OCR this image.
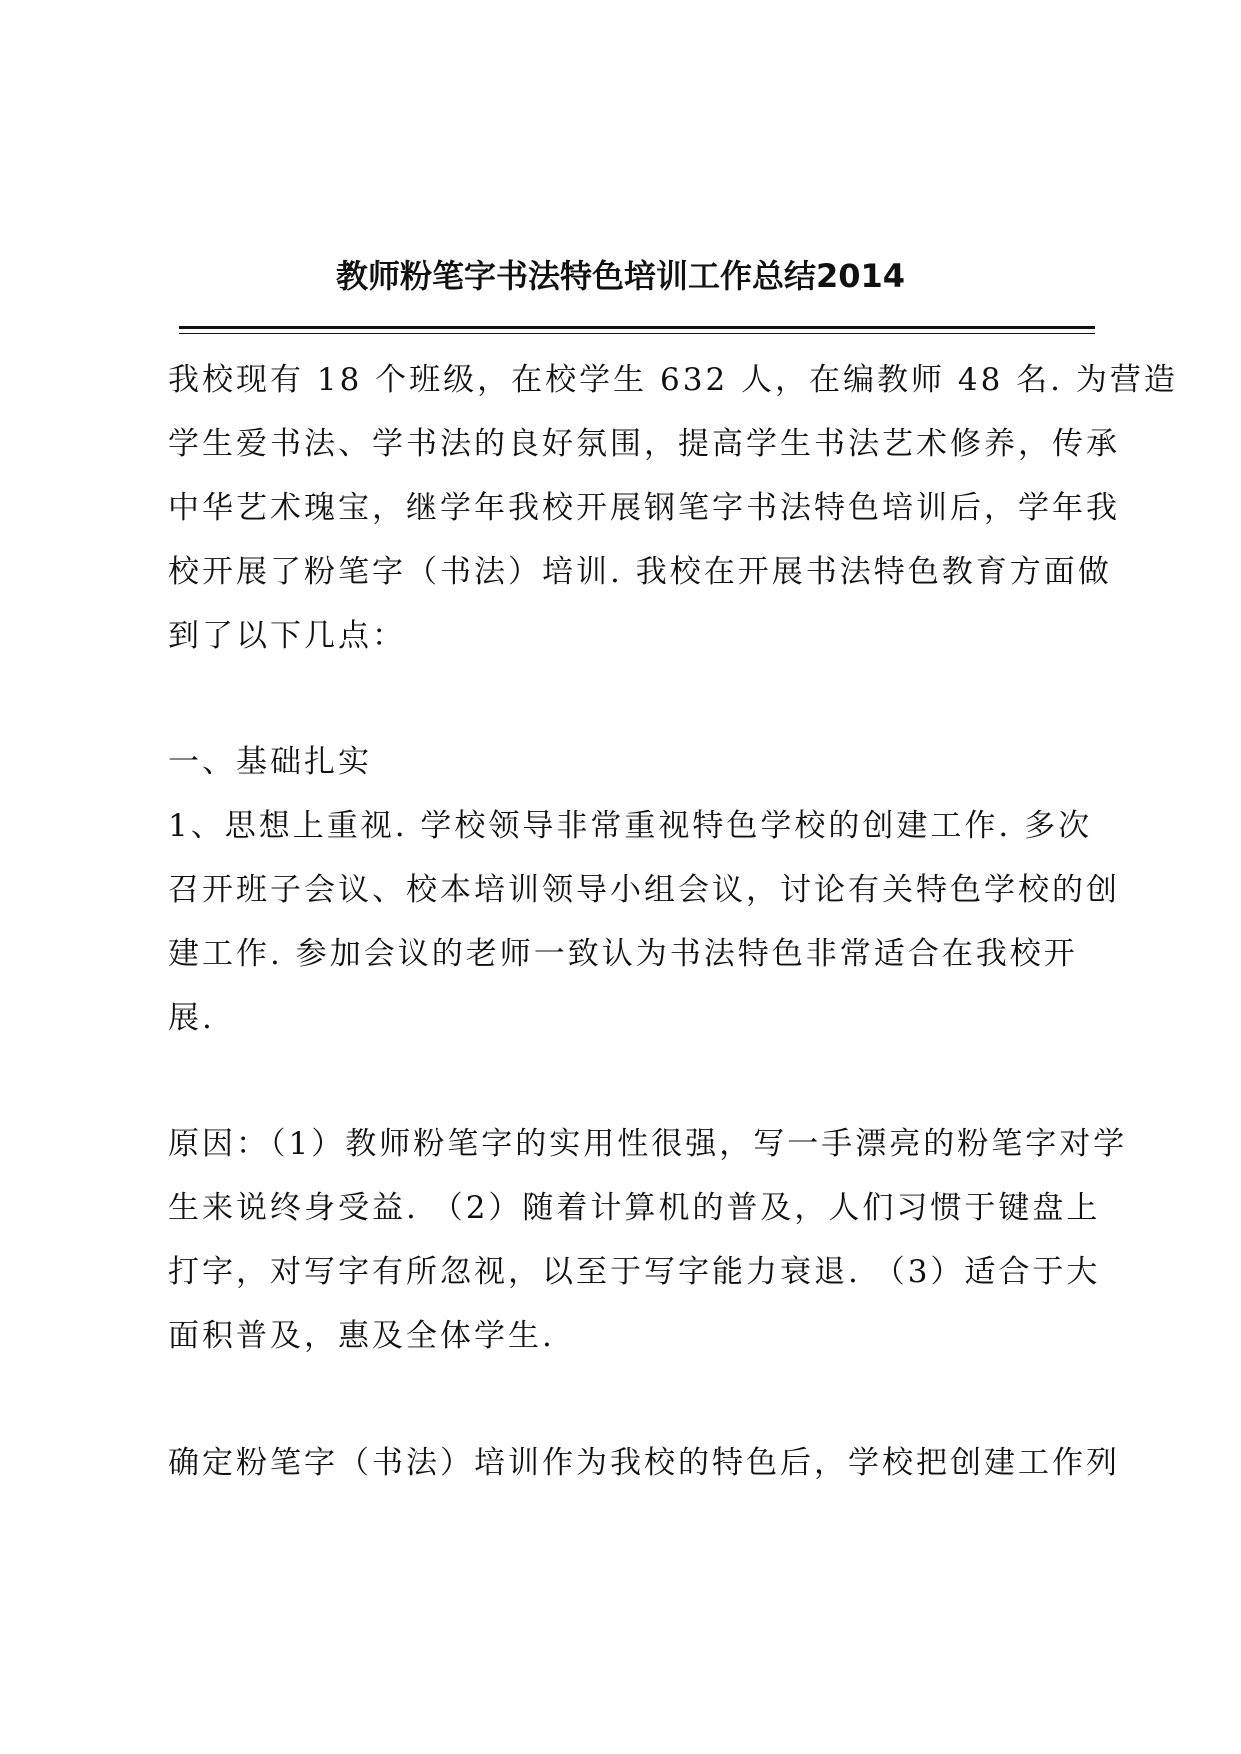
教师粉笔字书法特色培训工作总结2014
我校现有 18 个班级，在校学生 632 人，在编教师 48 名. 为营造
学生爱书法、学书法的良好氛围，提高学生书法艺术修养，传承
中华艺术瑰宝，继学年我校开展钢笔字书法特色培训后，学年我
校开展了粉笔字（书法）培训. 我校在开展书法特色教育方面做
到了以下几点：
一、基础扎实
1、思想上重视. 学校领导非常重视特色学校的创建工作. 多次
召开班子会议、校本培训领导小组会议，讨论有关特色学校的创
建工作. 参加会议的老师一致认为书法特色非常适合在我校开
展.
原因：（1）教师粉笔字的实用性很强，写一手漂亮的粉笔字对学
生来说终身受益. （2）随着计算机的普及，人们习惯于键盘上
打字，对写字有所忽视，以至于写字能力衰退. （3）适合于大
面积普及，惠及全体学生.
确定粉笔字（书法）培训作为我校的特色后，学校把创建工作列
